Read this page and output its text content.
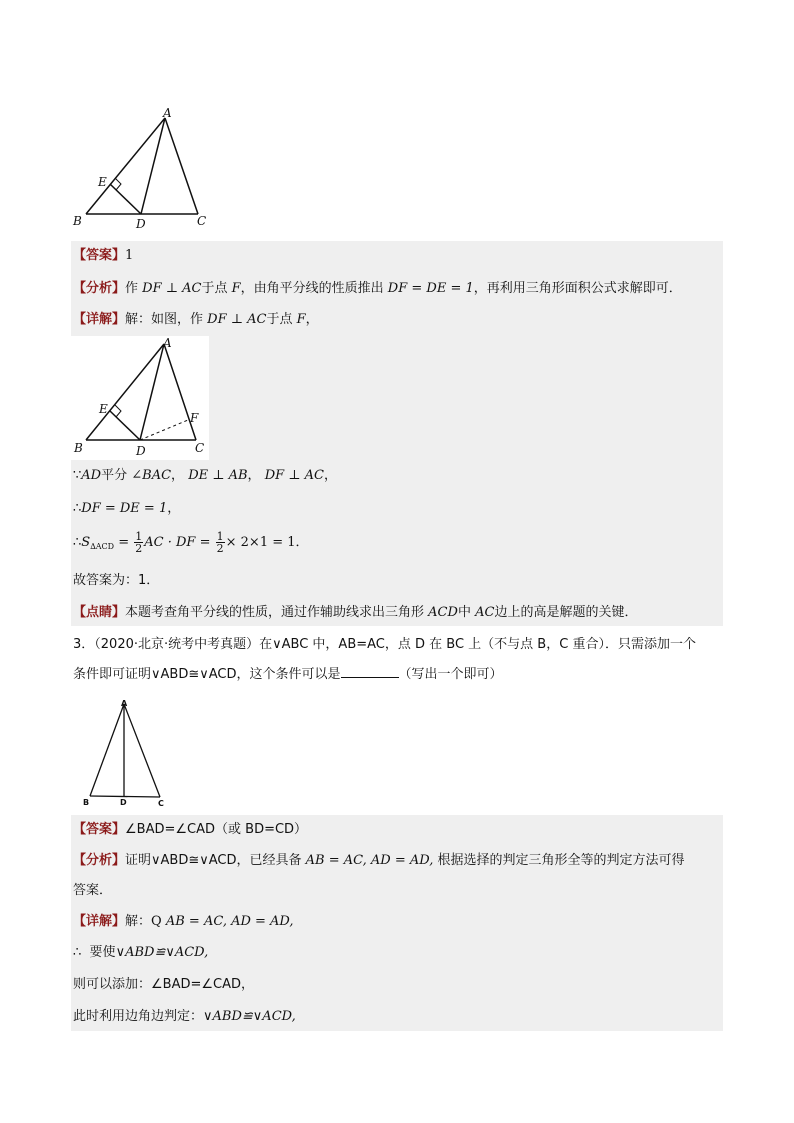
A
B	C
D
E
【答案】1
【分析】作 DF ⊥ AC于点 F，由角平分线的性质推出 DF = DE = 1，再利用三角形面积公式求解即可．
【详解】解：如图，作 DF ⊥ AC于点 F，
A
B	C
D
E
F
∵AD平分 ∠BAC， DE ⊥ AB， DF ⊥ AC，
∴DF = DE = 1，
$\therefore S_{\Delta ACD} = \frac{1}{2}$ AC · DF = $\frac{1}{2} \times 2\times 1 = 1$．
故答案为：1．
【点睛】本题考查角平分线的性质，通过作辅助线求出三角形 ACD中 AC边上的高是解题的关键．
3．（2020·北京·统考中考真题）在∨ABC 中，AB=AC，点 D 在 BC 上（不与点 B，C 重合）．只需添加一个
条件即可证明∨ABD≅∨ACD，这个条件可以是	（写出一个即可）
A
B	C
D
【答案】∠BAD=∠CAD（或 BD=CD）
【分析】证明∨ABD≅∨ACD，已经具备 AB = AC, AD = AD, 根据选择的判定三角形全等的判定方法可得
答案．
【详解】解：Q AB = AC, AD = AD,
∴ 要使∨ABD≌∨ACD,
则可以添加：∠BAD=∠CAD，
此时利用边角边判定：∨ABD≌∨ACD,
